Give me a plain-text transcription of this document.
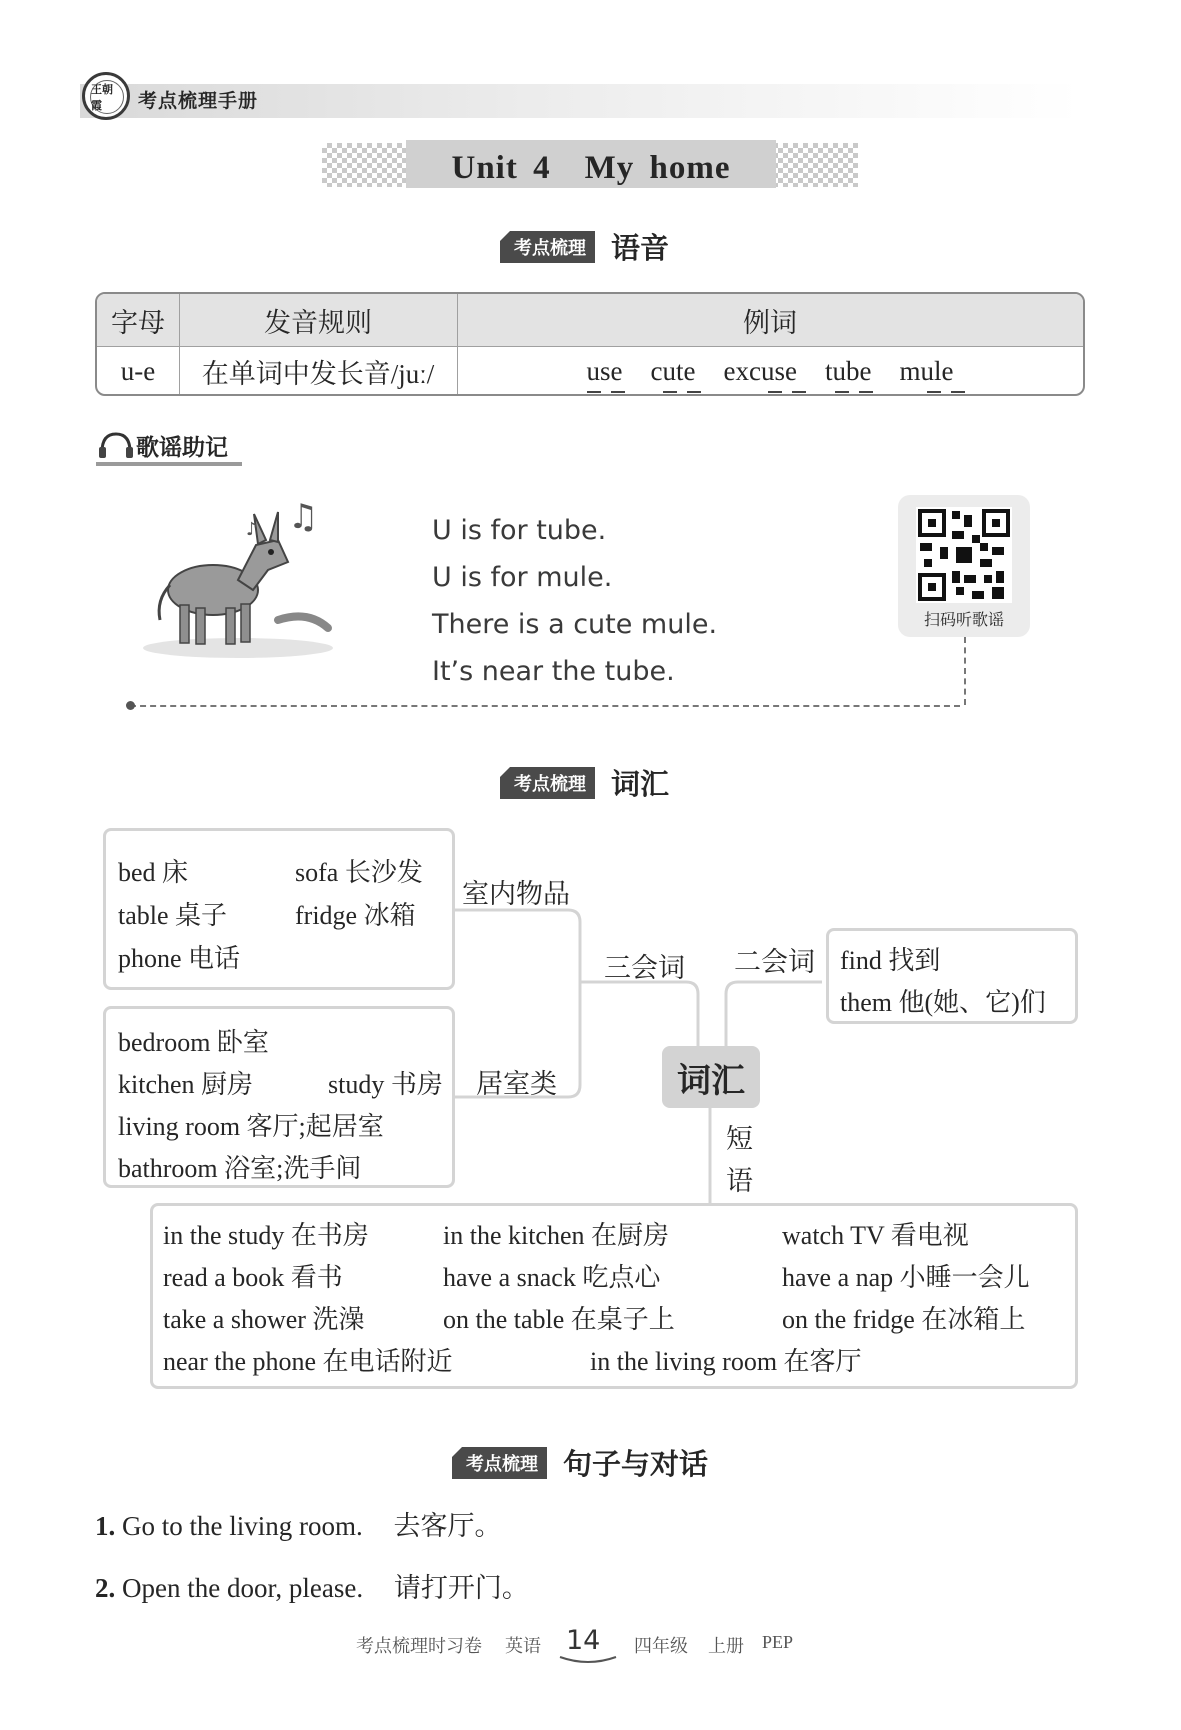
王朝霞	考点梳理手册
Unit 4　My home
考点梳理 语音
字母	发音规则	例词
u-e	在单词中发长音/juː/	use cute excuse tube mule
歌谣助记
♫
♪	U is for tube.
U is for mule.
There is a cute mule.
It’s near the tube.
扫码听歌谣
考点梳理 词汇
bed 床	sofa 长沙发
table 桌子	fridge 冰箱
phone 电话
室内物品
bedroom 卧室
kitchen 厨房	study 书房
living room 客厅;起居室
bathroom 浴室;洗手间
居室类
三会词 二会词 find 找到
them 他(她、它)们
词汇
短语
in the study 在书房	in the kitchen 在厨房	watch TV 看电视
read a book 看书	have a snack 吃点心	have a nap 小睡一会儿
take a shower 洗澡	on the table 在桌子上	on the fridge 在冰箱上
near the phone 在电话附近	in the living room 在客厅
考点梳理 句子与对话
1. Go to the living room. 去客厅。
2. Open the door, please. 请打开门。
考点梳理时习卷 英语 14 四年级 上册 PEP
